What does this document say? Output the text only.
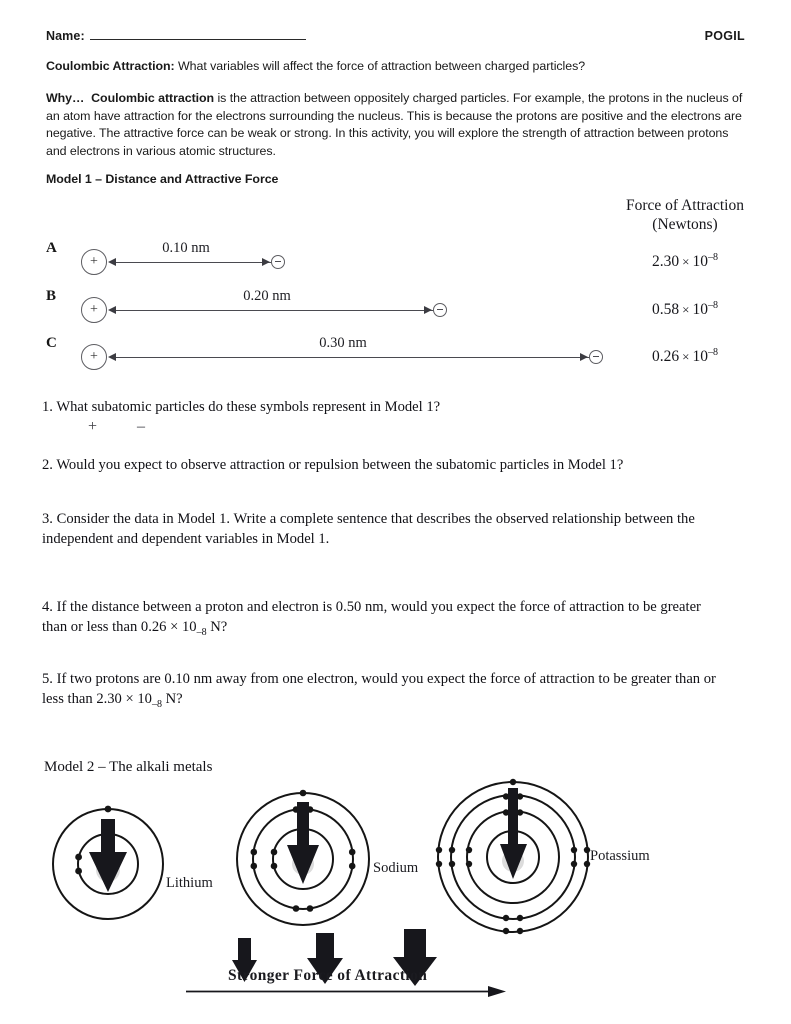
Name:	POGIL
Coulombic Attraction: What variables will affect the force of attraction between charged particles?
Why… Coulombic attraction is the attraction between oppositely charged particles. For example, the protons in the nucleus of an atom have attraction for the electrons surrounding the nucleus. This is because the protons are positive and the electrons are negative. The attractive force can be weak or strong. In this activity, you will explore the strength of attraction between protons and electrons in various atomic structures.
Model 1 – Distance and Attractive Force
Force of Attraction
(Newtons)
A
+
0.10 nm
$2.30 \times 10^{-8}$
B
+
0.20 nm
$0.58 \times 10^{-8}$
C
+
0.30 nm
$0.26 \times 10^{-8}$
1. What subatomic particles do these symbols represent in Model 1?
+ –
2. Would you expect to observe attraction or repulsion between the subatomic particles in Model 1?
3. Consider the data in Model 1. Write a complete sentence that describes the observed relationship between the independent and dependent variables in Model 1.
4. If the distance between a proton and electron is 0.50 nm, would you expect the force of attraction to be greater than or less than $0.26 \times 10_{-8}$ N?
5. If two protons are 0.10 nm away from one electron, would you expect the force of attraction to be greater than or less than $2.30 \times 10_{-8}$ N?
Model 2 – The alkali metals
Lithium
Sodium
Potassium
Stronger Force of Attraction
